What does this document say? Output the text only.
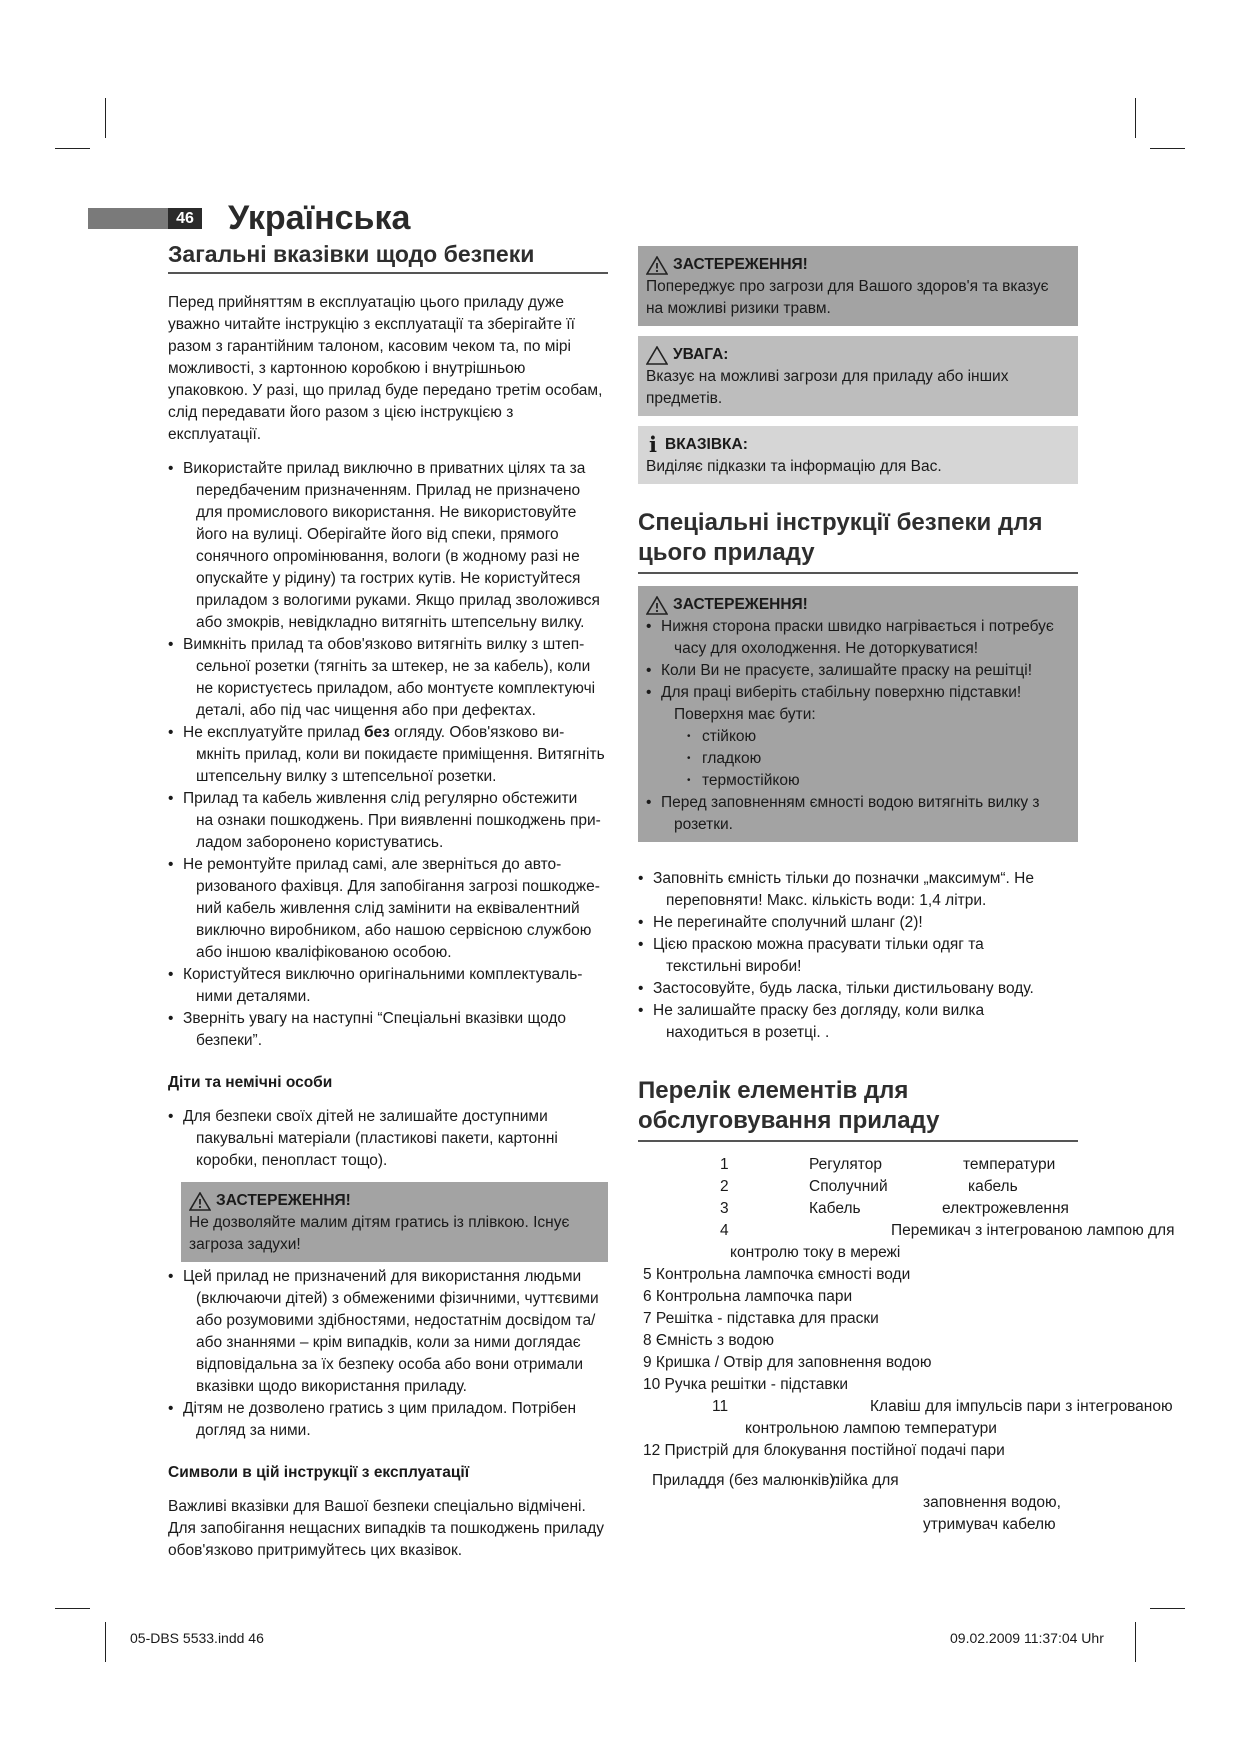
46 Українська
Загальні вказівки щодо безпеки

Перед прийняттям в експлуатацію цього приладу дуже уважно читайте інструкцію з експлуатації та зберігайте її разом з гарантійним талоном, касовим чеком та, по мірі можливості, з картонною коробкою і внутрішньою упаковкою. У разі, що прилад буде передано третім особам, слід передавати його разом з цією інструкцією з експлуатації.

• Використайте прилад виключно в приватних цілях та за
передбаченим призначенням. Прилад не призначено для промислового використання. Не використовуйте його на вулиці. Оберігайте його від спеки, прямого сонячного опромінювання, вологи (в жодному разі не опускайте у рідину) та гострих кутів. Не користуйтеся приладом з вологими руками. Якщо прилад зволожився або змокрів, невідкладно витягніть штепсельну вилку.
• Вимкніть прилад та обов'язково витягніть вилку з штеп-
сельної розетки (тягніть за штекер, не за кабель), коли не користуєтесь приладом, або монтуєте комплектуючі деталі, або під час чищення або при дефектах.
• Не експлуатуйте прилад без огляду. Обов'язково ви-
мкніть прилад, коли ви покидаєте приміщення. Витягніть штепсельну вилку з штепсельної розетки.
• Прилад та кабель живлення слід регулярно обстежити
на ознаки пошкоджень. При виявленні пошкоджень при- ладом заборонено користуватись.
• Не ремонтуйте прилад самі, але зверніться до авто-
ризованого фахівця. Для запобігання загрозі пошкодже- ний кабель живлення слід замінити на еквівалентний виключно виробником, або нашою сервісною службою або іншою кваліфікованою особою.
• Користуйтеся виключно оригінальними комплектуваль-
ними деталями.
• Зверніть увагу на наступні “Спеціальні вказівки щодо
безпеки”.
Діти та немічні особи
• Для безпеки своїх дітей не залишайте доступними
пакувальні матеріали (пластикові пакети, картонні коробки, пенопласт тощо).
ЗАСТЕРЕЖЕННЯ!
Не дозволяйте малим дітям гратись із плівкою. Існує загроза задухи!
• Цей прилад не призначений для використання людьми
(включаючи дітей) з обмеженими фізичними, чуттєвими або розумовими здібностями, недостатнім досвідом та/ або знаннями – крім випадків, коли за ними доглядає відповідальна за їх безпеку особа або вони отримали вказівки щодо використання приладу.
• Дітям не дозволено гратись з цим приладом. Потрібен
догляд за ними.
Символи в цій інструкції з експлуатації

Важливі вказівки для Вашої безпеки спеціально відмічені. Для запобігання нещасних випадків та пошкоджень приладу обов'язково притримуйтесь цих вказівок.

ЗАСТЕРЕЖЕННЯ!
Попереджує про загрози для Вашого здоров'я та вказує на можливі ризики травм.
УВАГА:
Вказує на можливі загрози для приладу або інших предметів.
i ВКАЗІВКА:
Виділяє підказки та інформацію для Вас.
Спеціальні інструкції безпеки для цього приладу
ЗАСТЕРЕЖЕННЯ!
• Нижня сторона праски швидко нагрівається і потребує
часу для охолодження. Не доторкуватися!
• Коли Ви не прасуєте, залишайте праску на решітці!
• Для праці виберіть стабільну поверхню підставки!
Поверхня має бути:
• стійкою
• гладкою
• термостійкою
• Перед заповненням ємності водою витягніть вилку з
розетки.
• Заповніть ємність тільки до позначки „максимум“. Не
переповняти! Макс. кількість води: 1,4 літри.
• Не перегинайте сполучний шланг (2)!
• Цією праскою можна прасувати тільки одяг та
текстильні вироби!
• Застосовуйте, будь ласка, тільки дистильовану воду.
• Не залишайте праску без догляду, коли вилка
находиться в розетці. .
Перелік елементів для обслуговування приладу
1	Регулятор	температури
2	Сполучний	кабель
3	Кабель	електрожевлення
4	Перемикач з інтегрованою лампою для
контролю току в мережі
5 Контрольна лампочка ємності води
6 Контрольна лампочка пари
7 Решітка - підставка для праски
8 Ємність з водою
9 Кришка / Отвір для заповнення водою
10 Ручка решітки - підставки
11	Клавіш для імпульсів пари з інтегрованою
контрольною лампою температури
12 Пристрій для блокування постійної подачі пари
Приладдя (без малюнків):
лійка для
заповнення водою,
утримувач кабелю
05-DBS 5533.indd 46	09.02.2009 11:37:04 Uhr
